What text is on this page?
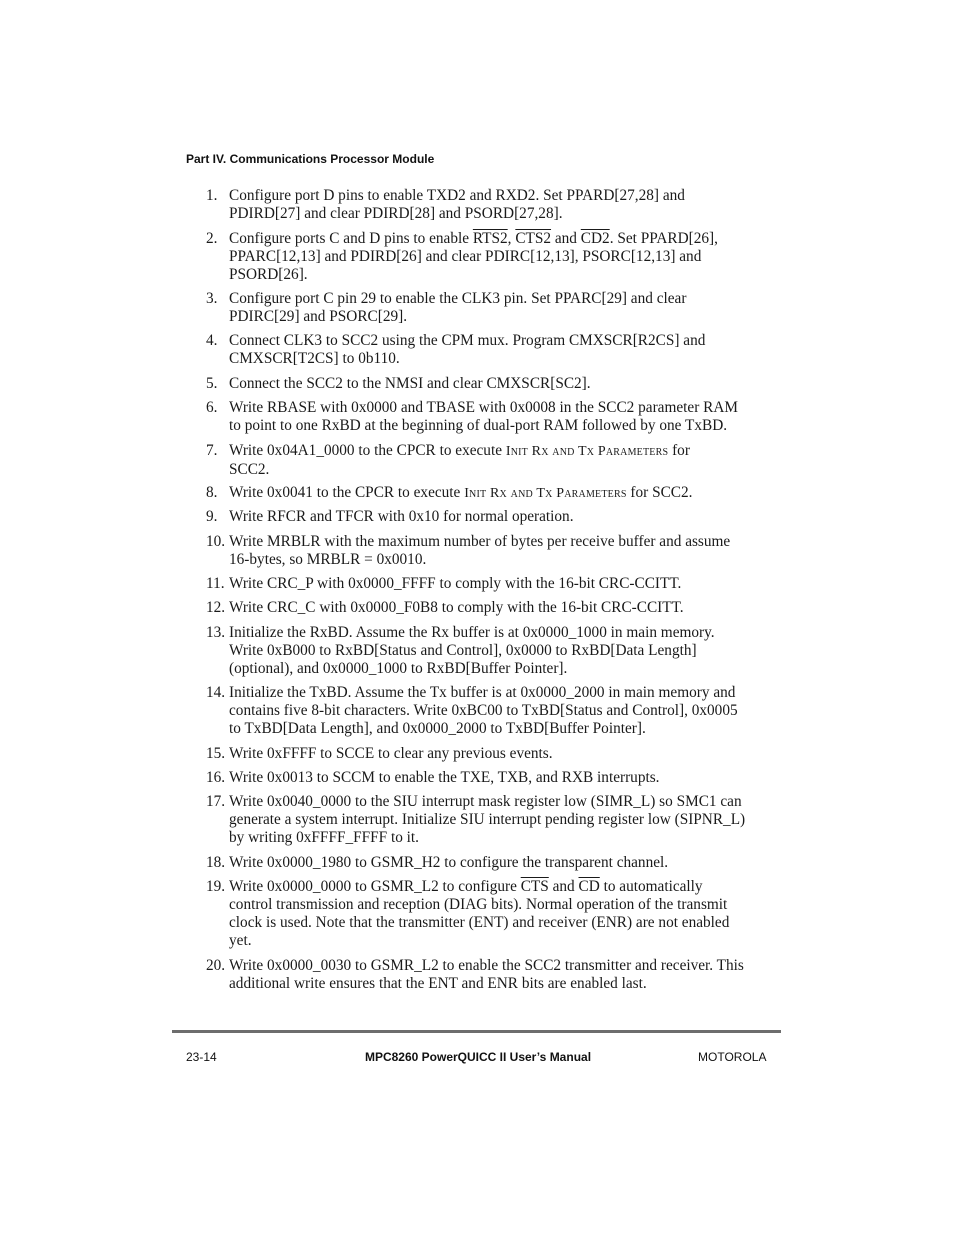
Part IV. Communications Processor Module
1. Configure port D pins to enable TXD2 and RXD2. Set PPARD[27,28] and
PDIRD[27] and clear PDIRD[28] and PSORD[27,28].
2. Configure ports C and D pins to enable RTS2, CTS2 and CD2. Set PPARD[26],
PPARC[12,13] and PDIRD[26] and clear PDIRC[12,13], PSORC[12,13] and
PSORD[26].
3. Configure port C pin 29 to enable the CLK3 pin. Set PPARC[29] and clear
PDIRC[29] and PSORC[29].
4. Connect CLK3 to SCC2 using the CPM mux. Program CMXSCR[R2CS] and
CMXSCR[T2CS] to 0b110.
5. Connect the SCC2 to the NMSI and clear CMXSCR[SC2].
6. Write RBASE with 0x0000 and TBASE with 0x0008 in the SCC2 parameter RAM
to point to one RxBD at the beginning of dual-port RAM followed by one TxBD.
7. Write 0x04A1_0000 to the CPCR to execute Init Rx and Tx Parameters for
SCC2.
8. Write 0x0041 to the CPCR to execute Init Rx and Tx Parameters for SCC2.
9. Write RFCR and TFCR with 0x10 for normal operation.
10. Write MRBLR with the maximum number of bytes per receive buffer and assume
16-bytes, so MRBLR = 0x0010.
11. Write CRC_P with 0x0000_FFFF to comply with the 16-bit CRC-CCITT.
12. Write CRC_C with 0x0000_F0B8 to comply with the 16-bit CRC-CCITT.
13. Initialize the RxBD. Assume the Rx buffer is at 0x0000_1000 in main memory.
Write 0xB000 to RxBD[Status and Control], 0x0000 to RxBD[Data Length]
(optional), and 0x0000_1000 to RxBD[Buffer Pointer].
14. Initialize the TxBD. Assume the Tx buffer is at 0x0000_2000 in main memory and
contains five 8-bit characters. Write 0xBC00 to TxBD[Status and Control], 0x0005
to TxBD[Data Length], and 0x0000_2000 to TxBD[Buffer Pointer].
15. Write 0xFFFF to SCCE to clear any previous events.
16. Write 0x0013 to SCCM to enable the TXE, TXB, and RXB interrupts.
17. Write 0x0040_0000 to the SIU interrupt mask register low (SIMR_L) so SMC1 can
generate a system interrupt. Initialize SIU interrupt pending register low (SIPNR_L)
by writing 0xFFFF_FFFF to it.
18. Write 0x0000_1980 to GSMR_H2 to configure the transparent channel.
19. Write 0x0000_0000 to GSMR_L2 to configure $\overline{CTS}$ and $\overline{CD}$ to automatically
control transmission and reception (DIAG bits). Normal operation of the transmit
clock is used. Note that the transmitter (ENT) and receiver (ENR) are not enabled
yet.
20. Write 0x0000_0030 to GSMR_L2 to enable the SCC2 transmitter and receiver. This
additional write ensures that the ENT and ENR bits are enabled last.
23-14	MPC8260 PowerQUICC II User’s Manual	MOTOROLA
